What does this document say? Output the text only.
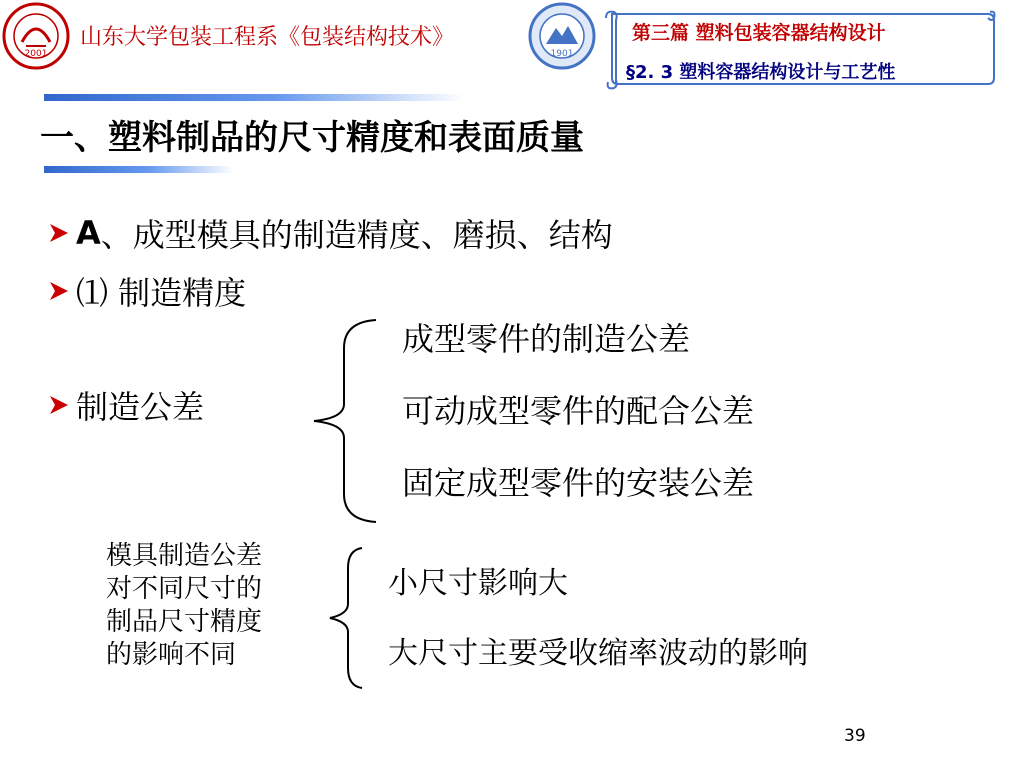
2001
山东大学包装工程系《包装结构技术》
1901
第三篇 塑料包装容器结构设计
§2. 3 塑料容器结构设计与工艺性
一、塑料制品的尺寸精度和表面质量
A 、成型模具的制造精度、磨损、结构
⑴ 制造精度
制造公差
成型零件的制造公差
可动成型零件的配合公差
固定成型零件的安装公差
模具制造公差
对不同尺寸的
制品尺寸精度
的影响不同
小尺寸影响大
大尺寸主要受收缩率波动的影响
39
